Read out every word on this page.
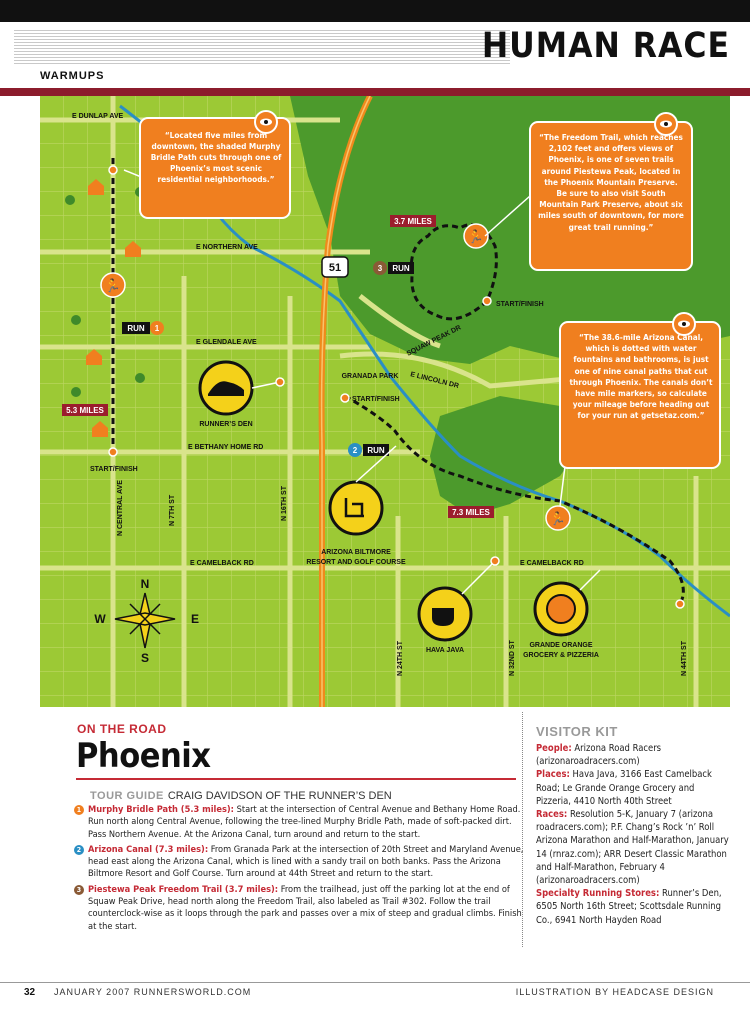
HUMAN RACE
WARMUPS
51
🏃
🏃
🏃
E DUNLAP AVE
E NORTHERN AVE
E GLENDALE AVE
E BETHANY HOME RD
E CAMELBACK RD	E CAMELBACK RD
E LINCOLN DR
SQUAW PEAK DR
N CENTRAL AVE	N 7TH ST	N 16TH ST
N 24TH ST	N 32ND ST	N 44TH ST
START/FINISH
START/FINISH
START/FINISH
RUN 1
2 RUN
3 RUN
5.3 MILES
7.3 MILES
3.7 MILES
RUNNER’S DEN
GRANADA PARK
ARIZONA BILTMORE
RESORT AND GOLF COURSE
HAVA JAVA
GRANDE ORANGE
GROCERY & PIZZERIA
N
S
W	E
“Located five miles from downtown, the shaded Murphy Bridle Path cuts through one of Phoenix’s most scenic residential neighborhoods.”
“The Freedom Trail, which reaches 2,102 feet and offers views of Phoenix, is one of seven trails around Piestewa Peak, located in the Phoenix Mountain Preserve. Be sure to also visit South Mountain Park Preserve, about six miles south of downtown, for more great trail running.”
“The 38.6-mile Arizona Canal, which is dotted with water fountains and bathrooms, is just one of nine canal paths that cut through Phoenix. The canals don’t have mile markers, so calculate your mileage before heading out for your run at getsetaz.com.”
ON THE ROAD
Phoenix
TOUR GUIDE CRAIG DAVIDSON OF THE RUNNER’S DEN
1 Murphy Bridle Path (5.3 miles): Start at the intersection of Central Avenue and Bethany Home Road. Run north along Central Avenue, following the tree-lined Murphy Bridle Path, made of soft-packed dirt. Pass Northern Avenue. At the Arizona Canal, turn around and return to the start.
2 Arizona Canal (7.3 miles): From Granada Park at the intersection of 20th Street and Maryland Avenue, head east along the Arizona Canal, which is lined with a sandy trail on both banks. Pass the Arizona Biltmore Resort and Golf Course. Turn around at 44th Street and return to the start.
3 Piestewa Peak Freedom Trail (3.7 miles): From the trailhead, just off the parking lot at the end of Squaw Peak Drive, head north along the Freedom Trail, also labeled as Trail #302. Follow the trail counterclock-wise as it loops through the park and passes over a mix of steep and gradual climbs. Finish at the start.
VISITOR KIT
People: Arizona Road Racers (arizonaroadracers.com)
Places: Hava Java, 3166 East Camelback Road; Le Grande Orange Grocery and Pizzeria, 4410 North 40th Street
Races: Resolution 5-K, January 7 (arizona roadracers.com); P.F. Chang’s Rock ’n’ Roll Arizona Marathon and Half-Marathon, January 14 (rnraz.com); ARR Desert Classic Marathon and Half-Marathon, February 4 (arizonaroadracers.com)
Specialty Running Stores: Runner’s Den, 6505 North 16th Street; Scottsdale Running Co., 6941 North Hayden Road
32 JANUARY 2007 RUNNERSWORLD.COM	ILLUSTRATION BY HEADCASE DESIGN
